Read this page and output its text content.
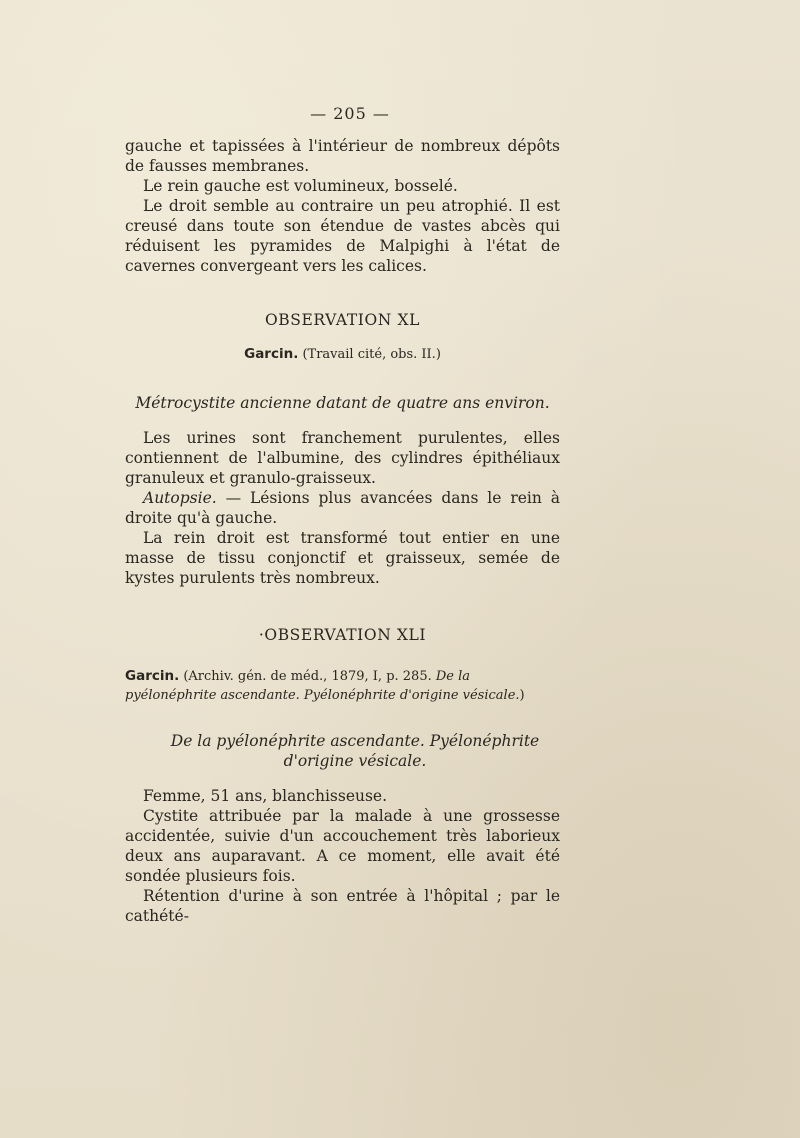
— 205 —

gauche et tapissées à l'intérieur de nombreux dépôts de fausses membranes.

Le rein gauche est volumineux, bosselé.

Le droit semble au contraire un peu atrophié. Il est creusé dans toute son étendue de vastes abcès qui réduisent les pyramides de Malpighi à l'état de cavernes convergeant vers les calices.

OBSERVATION XL
Garcin. (Travail cité, obs. II.)
Métrocystite ancienne datant de quatre ans environ.

Les urines sont franchement purulentes, elles contiennent de l'albumine, des cylindres épithéliaux granuleux et granulo-graisseux.

Autopsie. — Lésions plus avancées dans le rein à droite qu'à gauche.

La rein droit est transformé tout entier en une masse de tissu conjonctif et graisseux, semée de kystes purulents très nombreux.

·OBSERVATION XLI
Garcin. (Archiv. gén. de méd., 1879, I, p. 285. De la pyélonéphrite ascendante. Pyélonéphrite d'origine vésicale.)
De la pyélonéphrite ascendante. Pyélonéphrite d'origine vésicale.

Femme, 51 ans, blanchisseuse.

Cystite attribuée par la malade à une grossesse accidentée, suivie d'un accouchement très laborieux deux ans auparavant. A ce moment, elle avait été sondée plusieurs fois.

Rétention d'urine à son entrée à l'hôpital ; par le cathété-
